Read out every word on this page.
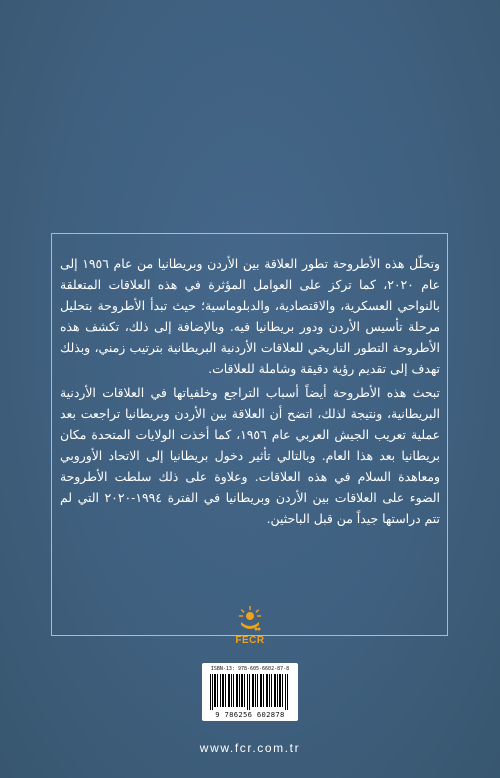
وتحلّل هذه الأطروحة تطور العلاقة بين الأردن وبريطانيا من عام ١٩٥٦ إلى عام ٢٠٢٠، كما تركز على العوامل المؤثرة في هذه العلاقات المتعلقة بالنواحي العسكرية، والاقتصادية، والدبلوماسية؛ حيث تبدأ الأطروحة بتحليل مرحلة تأسيس الأردن ودور بريطانيا فيه. وبالإضافة إلى ذلك، تكشف هذه الأطروحة التطور التاريخي للعلاقات الأردنية البريطانية بترتيب زمني، وبذلك تهدف إلى تقديم رؤية دقيقة وشاملة للعلاقات.

تبحث هذه الأطروحة أيضاً أسباب التراجع وخلفياتها في العلاقات الأردنية البريطانية، ونتيجة لذلك، اتضح أن العلاقة بين الأردن وبريطانيا تراجعت بعد عملية تعريب الجيش العربي عام ١٩٥٦، كما أخذت الولايات المتحدة مكان بريطانيا بعد هذا العام. وبالتالي تأثير دخول بريطانيا إلى الاتحاد الأوروبي ومعاهدة السلام في هذه العلاقات. وعلاوة على ذلك سلطت الأطروحة الضوء على العلاقات بين الأردن وبريطانيا في الفترة ١٩٩٤-٢٠٢٠ التي لم تتم دراستها جيداً من قبل الباحثين.

FECR
ISBN-13: 978-605-6602-87-8
9 786256 602878
www.fcr.com.tr
